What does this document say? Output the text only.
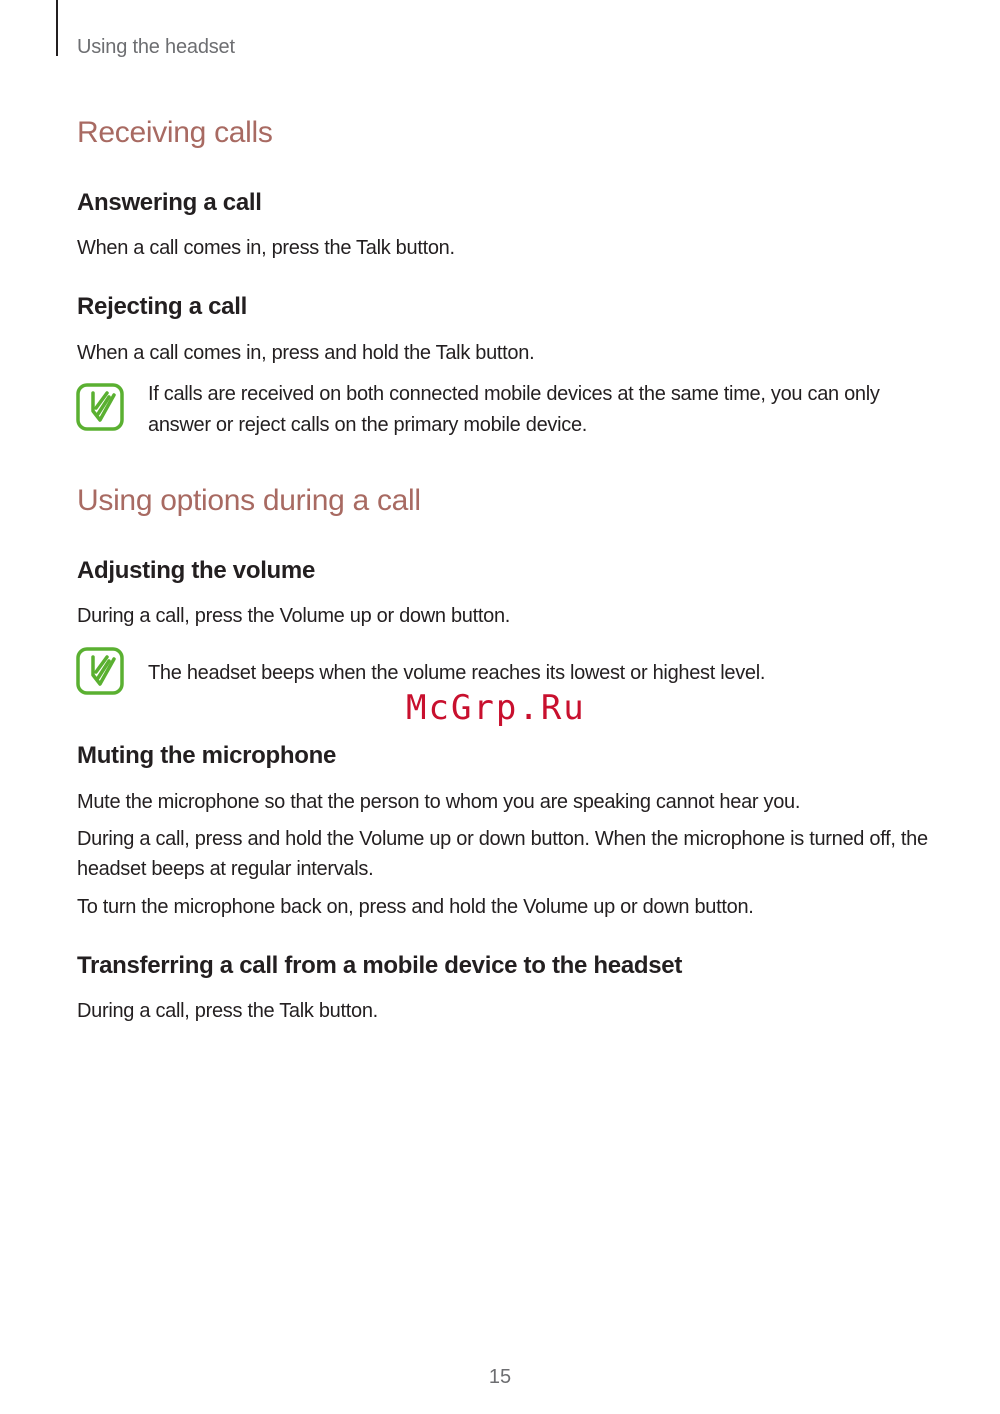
Using the headset
Receiving calls
Answering a call
When a call comes in, press the Talk button.
Rejecting a call
When a call comes in, press and hold the Talk button.
If calls are received on both connected mobile devices at the same time, you can only answer or reject calls on the primary mobile device.
Using options during a call
Adjusting the volume
During a call, press the Volume up or down button.
The headset beeps when the volume reaches its lowest or highest level.
McGrp.Ru
Muting the microphone
Mute the microphone so that the person to whom you are speaking cannot hear you.
During a call, press and hold the Volume up or down button. When the microphone is turned off, the headset beeps at regular intervals.
To turn the microphone back on, press and hold the Volume up or down button.
Transferring a call from a mobile device to the headset
During a call, press the Talk button.
15
